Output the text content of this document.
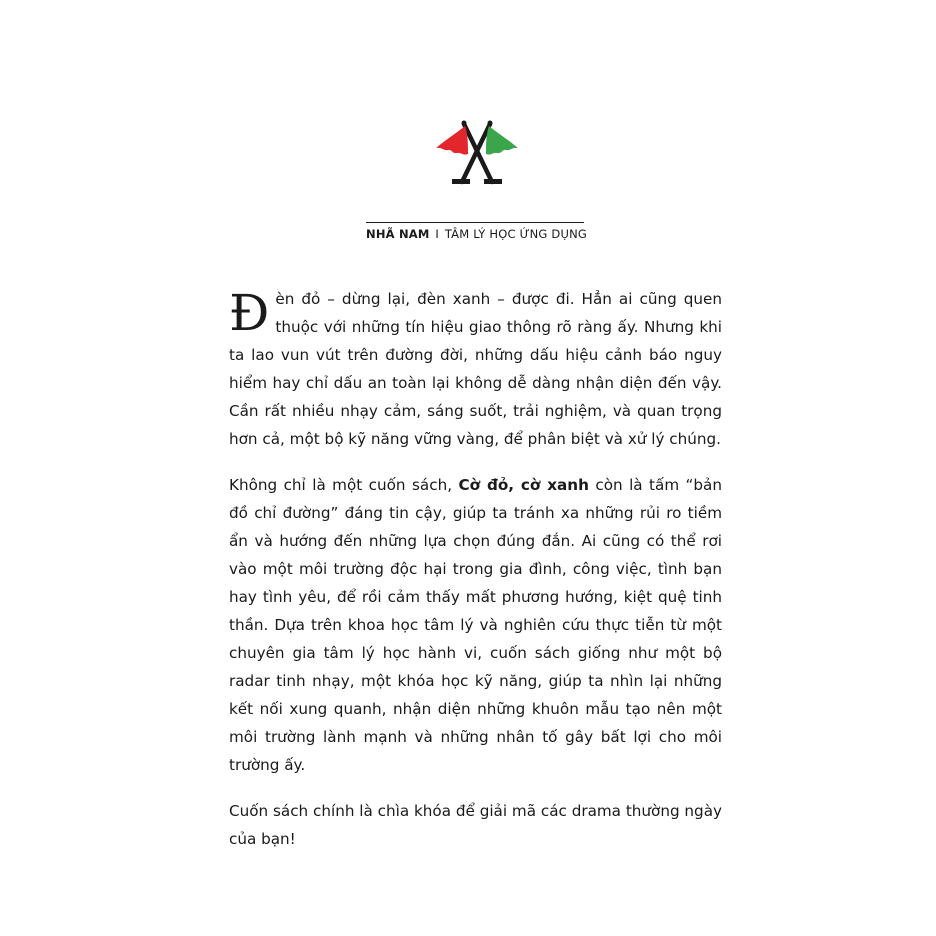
NHÃ NAM I TÂM LÝ HỌC ỨNG DỤNG

Đèn đỏ – dừng lại, đèn xanh – được đi. Hẳn ai cũng quen thuộc với những tín hiệu giao thông rõ ràng ấy. Nhưng khi ta lao vun vút trên đường đời, những dấu hiệu cảnh báo nguy hiểm hay chỉ dấu an toàn lại không dễ dàng nhận diện đến vậy. Cần rất nhiều nhạy cảm, sáng suốt, trải nghiệm, và quan trọng hơn cả, một bộ kỹ năng vững vàng, để phân biệt và xử lý chúng.

Không chỉ là một cuốn sách, Cờ đỏ, cờ xanh còn là tấm “bản đồ chỉ đường” đáng tin cậy, giúp ta tránh xa những rủi ro tiềm ẩn và hướng đến những lựa chọn đúng đắn. Ai cũng có thể rơi vào một môi trường độc hại trong gia đình, công việc, tình bạn hay tình yêu, để rồi cảm thấy mất phương hướng, kiệt quệ tinh thần. Dựa trên khoa học tâm lý và nghiên cứu thực tiễn từ một chuyên gia tâm lý học hành vi, cuốn sách giống như một bộ radar tinh nhạy, một khóa học kỹ năng, giúp ta nhìn lại những kết nối xung quanh, nhận diện những khuôn mẫu tạo nên một môi trường lành mạnh và những nhân tố gây bất lợi cho môi trường ấy.

Cuốn sách chính là chìa khóa để giải mã các drama thường ngày của bạn!
